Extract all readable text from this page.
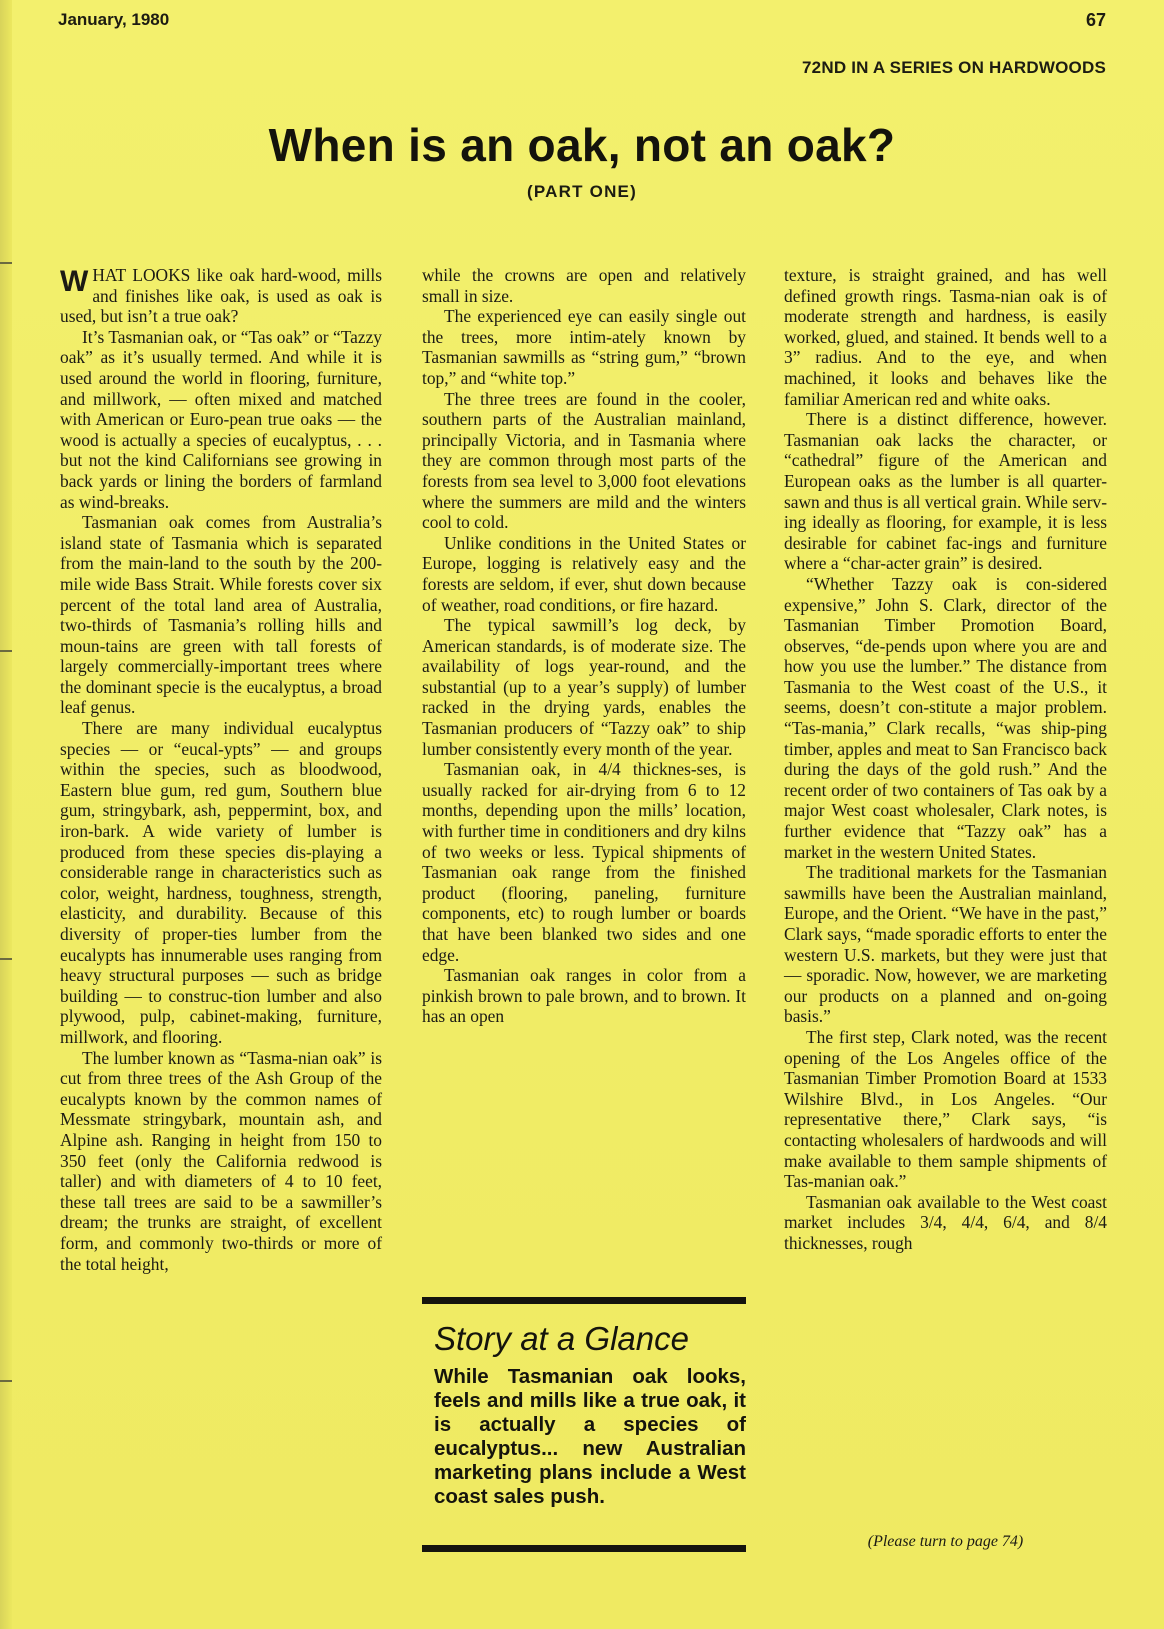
January, 1980	67
72ND IN A SERIES ON HARDWOODS
When is an oak, not an oak?
(PART ONE)

WHAT LOOKS like oak hard-wood, mills and finishes like oak, is used as oak is used, but isn’t a true oak?

It’s Tasmanian oak, or “Tas oak” or “Tazzy oak” as it’s usually termed. And while it is used around the world in flooring, furniture, and millwork, — often mixed and matched with American or Euro-pean true oaks — the wood is actually a species of eucalyptus, . . . but not the kind Californians see growing in back yards or lining the borders of farmland as wind-breaks.

Tasmanian oak comes from Australia’s island state of Tasmania which is separated from the main-land to the south by the 200-mile wide Bass Strait. While forests cover six percent of the total land area of Australia, two-thirds of Tasmania’s rolling hills and moun-tains are green with tall forests of largely commercially-important trees where the dominant specie is the eucalyptus, a broad leaf genus.

There are many individual eucalyptus species — or “eucal-ypts” — and groups within the species, such as bloodwood, Eastern blue gum, red gum, Southern blue gum, stringybark, ash, peppermint, box, and iron-bark. A wide variety of lumber is produced from these species dis-playing a considerable range in characteristics such as color, weight, hardness, toughness, strength, elasticity, and durability. Because of this diversity of proper-ties lumber from the eucalypts has innumerable uses ranging from heavy structural purposes — such as bridge building — to construc-tion lumber and also plywood, pulp, cabinet-making, furniture, millwork, and flooring.

The lumber known as “Tasma-nian oak” is cut from three trees of the Ash Group of the eucalypts known by the common names of Messmate stringybark, mountain ash, and Alpine ash. Ranging in height from 150 to 350 feet (only the California redwood is taller) and with diameters of 4 to 10 feet, these tall trees are said to be a sawmiller’s dream; the trunks are straight, of excellent form, and commonly two-thirds or more of the total height,

while the crowns are open and relatively small in size.

The experienced eye can easily single out the trees, more intim-ately known by Tasmanian sawmills as “string gum,” “brown top,” and “white top.”

The three trees are found in the cooler, southern parts of the Australian mainland, principally Victoria, and in Tasmania where they are common through most parts of the forests from sea level to 3,000 foot elevations where the summers are mild and the winters cool to cold.

Unlike conditions in the United States or Europe, logging is relatively easy and the forests are seldom, if ever, shut down because of weather, road conditions, or fire hazard.

The typical sawmill’s log deck, by American standards, is of moderate size. The availability of logs year-round, and the substantial (up to a year’s supply) of lumber racked in the drying yards, enables the Tasmanian producers of “Tazzy oak” to ship lumber consistently every month of the year.

Tasmanian oak, in 4/4 thicknes-ses, is usually racked for air-drying from 6 to 12 months, depending upon the mills’ location, with further time in conditioners and dry kilns of two weeks or less. Typical shipments of Tasmanian oak range from the finished product (flooring, paneling, furniture components, etc) to rough lumber or boards that have been blanked two sides and one edge.

Tasmanian oak ranges in color from a pinkish brown to pale brown, and to brown. It has an open

Story at a Glance
While Tasmanian oak looks, feels and mills like a true oak, it is actually a species of eucalyptus... new Australian marketing plans include a West coast sales push.

texture, is straight grained, and has well defined growth rings. Tasma-nian oak is of moderate strength and hardness, is easily worked, glued, and stained. It bends well to a 3” radius. And to the eye, and when machined, it looks and behaves like the familiar American red and white oaks.

There is a distinct difference, however. Tasmanian oak lacks the character, or “cathedral” figure of the American and European oaks as the lumber is all quarter-sawn and thus is all vertical grain. While serv-ing ideally as flooring, for example, it is less desirable for cabinet fac-ings and furniture where a “char-acter grain” is desired.

“Whether Tazzy oak is con-sidered expensive,” John S. Clark, director of the Tasmanian Timber Promotion Board, observes, “de-pends upon where you are and how you use the lumber.” The distance from Tasmania to the West coast of the U.S., it seems, doesn’t con-stitute a major problem. “Tas-mania,” Clark recalls, “was ship-ping timber, apples and meat to San Francisco back during the days of the gold rush.” And the recent order of two containers of Tas oak by a major West coast wholesaler, Clark notes, is further evidence that “Tazzy oak” has a market in the western United States.

The traditional markets for the Tasmanian sawmills have been the Australian mainland, Europe, and the Orient. “We have in the past,” Clark says, “made sporadic efforts to enter the western U.S. markets, but they were just that — sporadic. Now, however, we are marketing our products on a planned and on-going basis.”

The first step, Clark noted, was the recent opening of the Los Angeles office of the Tasmanian Timber Promotion Board at 1533 Wilshire Blvd., in Los Angeles. “Our representative there,” Clark says, “is contacting wholesalers of hardwoods and will make available to them sample shipments of Tas-manian oak.”

Tasmanian oak available to the West coast market includes 3/4, 4/4, 6/4, and 8/4 thicknesses, rough

(Please turn to page 74)
